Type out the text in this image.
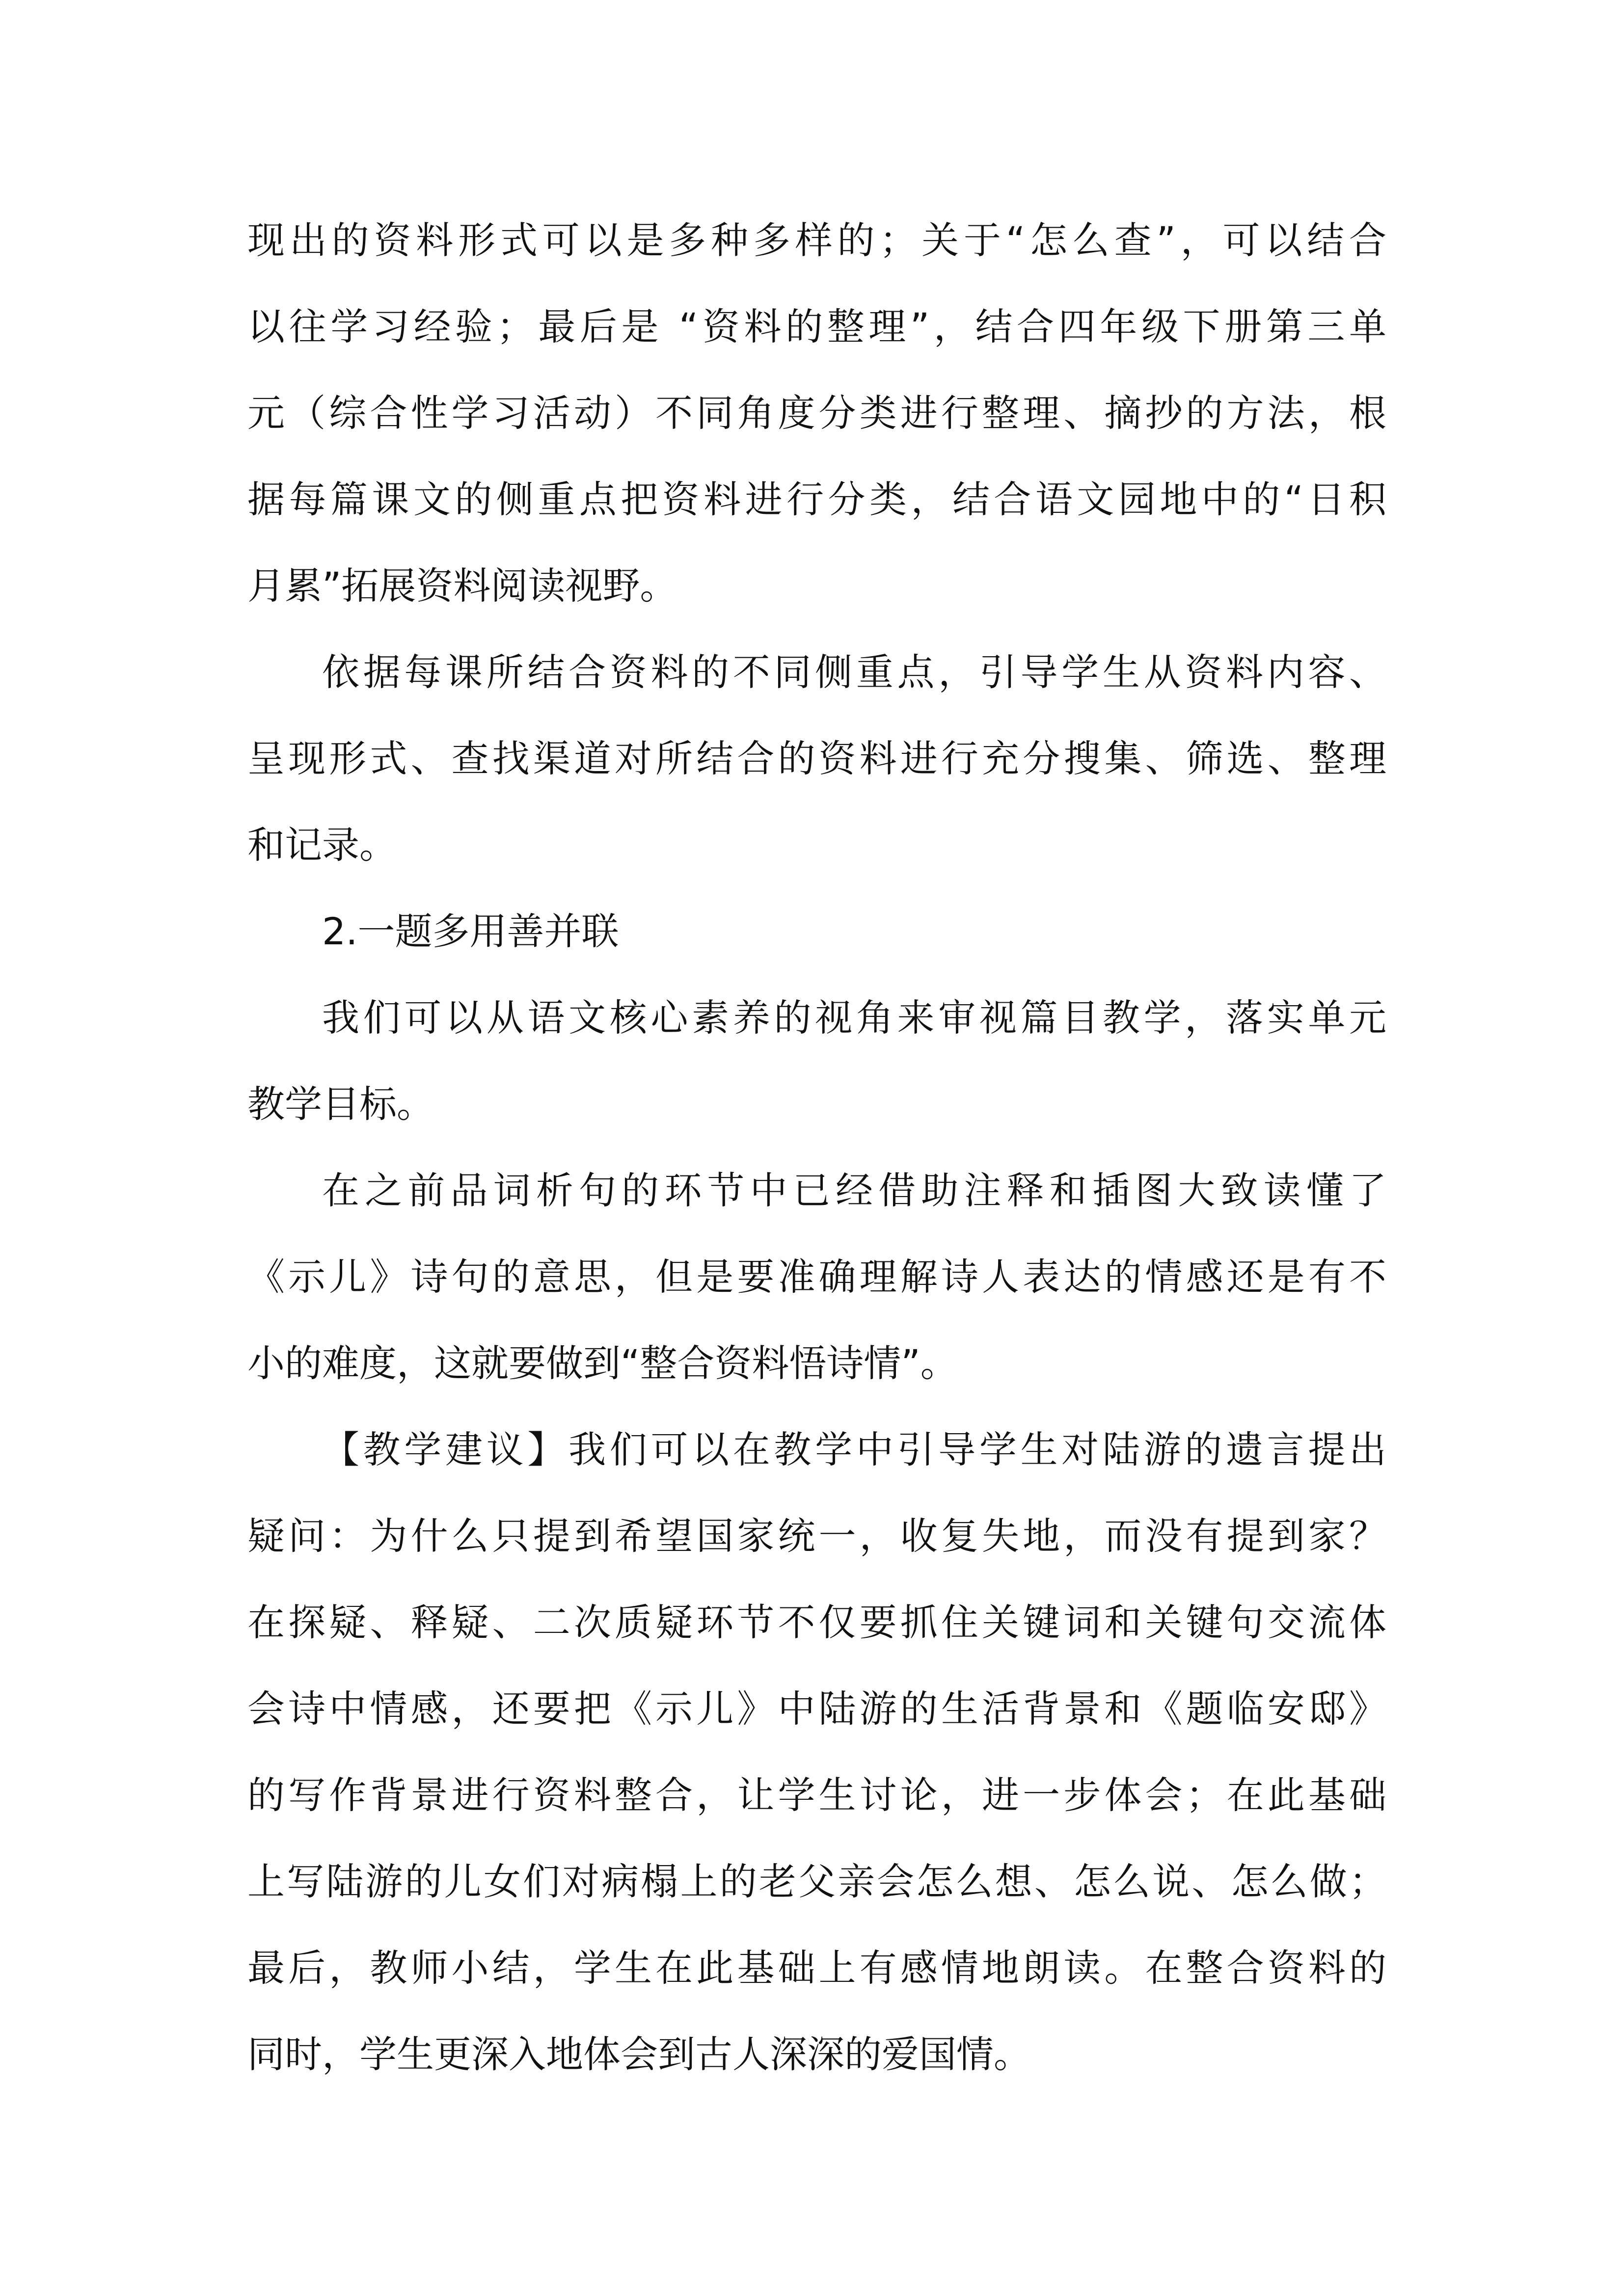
现出的资料形式可以是多种多样的；关于“怎么查”，可以结合
以往学习经验；最后是 “资料的整理”，结合四年级下册第三单
元（综合性学习活动）不同角度分类进行整理、摘抄的方法，根
据每篇课文的侧重点把资料进行分类，结合语文园地中的“日积
月累”拓展资料阅读视野。
依据每课所结合资料的不同侧重点，引导学生从资料内容、
呈现形式、查找渠道对所结合的资料进行充分搜集、筛选、整理
和记录。
2.一题多用善并联
我们可以从语文核心素养的视角来审视篇目教学，落实单元
教学目标。
在之前品词析句的环节中已经借助注释和插图大致读懂了
《示儿》诗句的意思，但是要准确理解诗人表达的情感还是有不
小的难度，这就要做到“整合资料悟诗情”。
【教学建议】我们可以在教学中引导学生对陆游的遗言提出
疑问：为什么只提到希望国家统一，收复失地，而没有提到家？
在探疑、释疑、二次质疑环节不仅要抓住关键词和关键句交流体
会诗中情感，还要把《示儿》中陆游的生活背景和《题临安邸》
的写作背景进行资料整合，让学生讨论，进一步体会；在此基础
上写陆游的儿女们对病榻上的老父亲会怎么想、怎么说、怎么做；
最后，教师小结，学生在此基础上有感情地朗读。在整合资料的
同时，学生更深入地体会到古人深深的爱国情。
